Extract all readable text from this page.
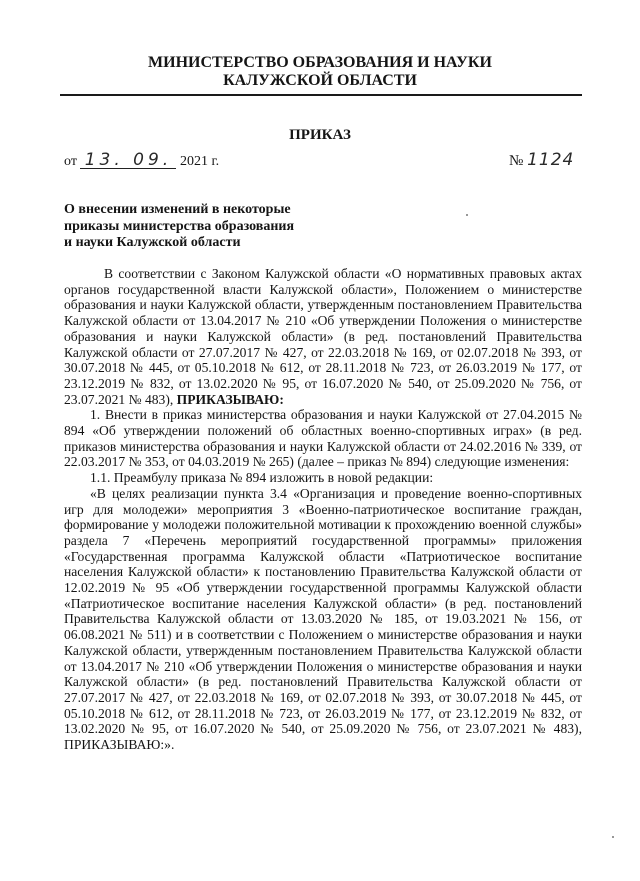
МИНИСТЕРСТВО ОБРАЗОВАНИЯ И НАУКИ
КАЛУЖСКОЙ ОБЛАСТИ
ПРИКАЗ
от 13. 09. 2021 г.	№ 1124
О внесении изменений в некоторые
приказы министерства образования
и науки Калужской области

В соответствии с Законом Калужской области «О нормативных правовых актах органов государственной власти Калужской области», Положением о министерстве образования и науки Калужской области, утвержденным постановлением Правительства Калужской области от 13.04.2017 № 210 «Об утверждении Положения о министерстве образования и науки Калужской области» (в ред. постановлений Правительства Калужской области от 27.07.2017 № 427, от 22.03.2018 № 169, от 02.07.2018 № 393, от 30.07.2018 № 445, от 05.10.2018 № 612, от 28.11.2018 № 723, от 26.03.2019 № 177, от 23.12.2019 № 832, от 13.02.2020 № 95, от 16.07.2020 № 540, от 25.09.2020 № 756, от 23.07.2021 № 483), ПРИКАЗЫВАЮ:

1. Внести в приказ министерства образования и науки Калужской от 27.04.2015 № 894 «Об утверждении положений об областных военно-спортивных играх» (в ред. приказов министерства образования и науки Калужской области от 24.02.2016 № 339, от 22.03.2017 № 353, от 04.03.2019 № 265) (далее – приказ № 894) следующие изменения:

1.1. Преамбулу приказа № 894 изложить в новой редакции:

«В целях реализации пункта 3.4 «Организация и проведение военно-спортивных игр для молодежи» мероприятия 3 «Военно-патриотическое воспитание граждан, формирование у молодежи положительной мотивации к прохождению военной службы» раздела 7 «Перечень мероприятий государственной программы» приложения «Государственная программа Калужской области «Патриотическое воспитание населения Калужской области» к постановлению Правительства Калужской области от 12.02.2019 № 95 «Об утверждении государственной программы Калужской области «Патриотическое воспитание населения Калужской области» (в ред. постановлений Правительства Калужской области от 13.03.2020 № 185, от 19.03.2021 № 156, от 06.08.2021 № 511) и в соответствии с Положением о министерстве образования и науки Калужской области, утвержденным постановлением Правительства Калужской области от 13.04.2017 № 210 «Об утверждении Положения о министерстве образования и науки Калужской области» (в ред. постановлений Правительства Калужской области от 27.07.2017 № 427, от 22.03.2018 № 169, от 02.07.2018 № 393, от 30.07.2018 № 445, от 05.10.2018 № 612, от 28.11.2018 № 723, от 26.03.2019 № 177, от 23.12.2019 № 832, от 13.02.2020 № 95, от 16.07.2020 № 540, от 25.09.2020 № 756, от 23.07.2021 № 483), ПРИКАЗЫВАЮ:».
